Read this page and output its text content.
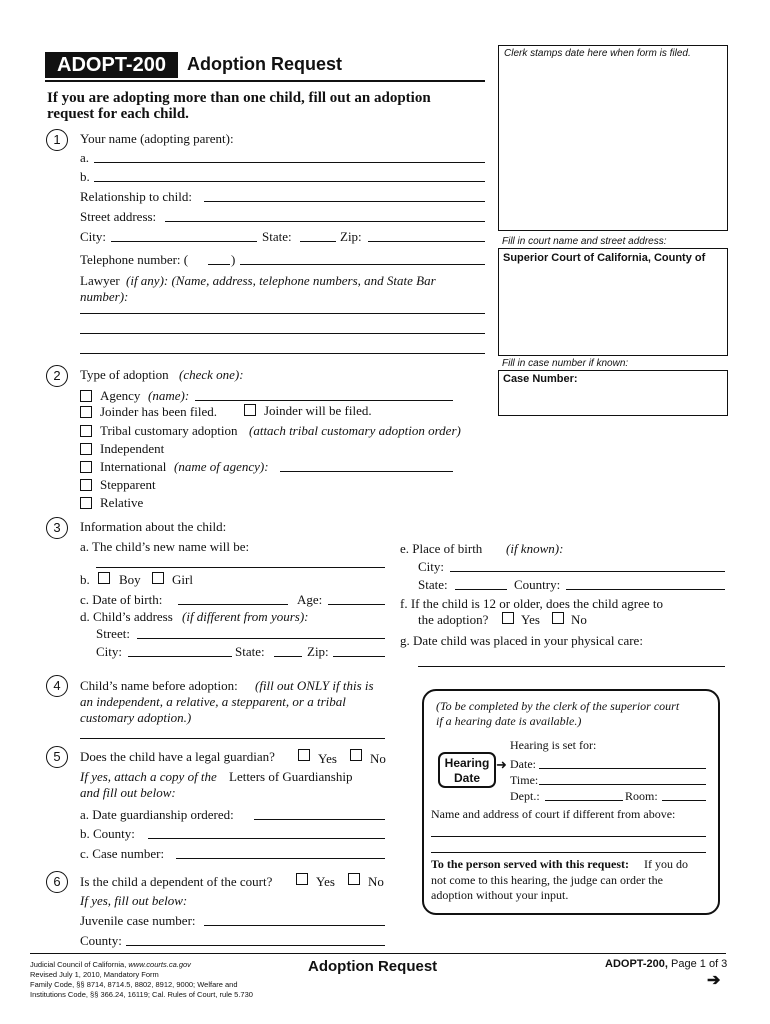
ADOPT-200	Adoption Request
If you are adopting more than one child, fill out an adoption
request for each child.
Clerk stamps date here when form is filed.
Fill in court name and street address:
Superior Court of California, County of
Fill in case number if known:
Case Number:
1	Your name (adopting parent):
a.
b.
Relationship to child:
Street address:
City:	State:	Zip:
Telephone number: (	)
Lawyer (if any): (Name, address, telephone numbers, and State Bar
number):
2	Type of adoption (check one):
Agency (name):
Joinder has been filed.	Joinder will be filed.
Tribal customary adoption (attach tribal customary adoption order)
Independent
International (name of agency):
Stepparent
Relative
3	Information about the child:
a. The child’s new name will be:
b. Boy Girl
c. Date of birth:	Age:
d. Child’s address (if different from yours):
Street:
City:	State:	Zip:
e. Place of birth (if known):
City:
State:	Country:
f. If the child is 12 or older, does the child agree to
the adoption?	Yes No
g. Date child was placed in your physical care:
4	Child’s name before adoption: (fill out ONLY if this is
an independent, a relative, a stepparent, or a tribal
customary adoption.)
5	Does the child have a legal guardian?	Yes	No
If yes, attach a copy of the Letters of Guardianship
and fill out below:
a. Date guardianship ordered:
b. County:
c. Case number:
6	Is the child a dependent of the court?	Yes	No
If yes, fill out below:
Juvenile case number:
County:
(To be completed by the clerk of the superior court
if a hearing date is available.)
Hearing is set for:
Hearing
Date
➜ Date:
Time:
Dept.:	Room:
Name and address of court if different from above:
To the person served with this request: If you do
not come to this hearing, the judge can order the
adoption without your input.
Judicial Council of California, www.courts.ca.gov
Revised July 1, 2010, Mandatory Form
Family Code, §§ 8714, 8714.5, 8802, 8912, 9000; Welfare and
Institutions Code, §§ 366.24, 16119; Cal. Rules of Court, rule 5.730
Adoption Request	ADOPT-200, Page 1 of 3
➔
